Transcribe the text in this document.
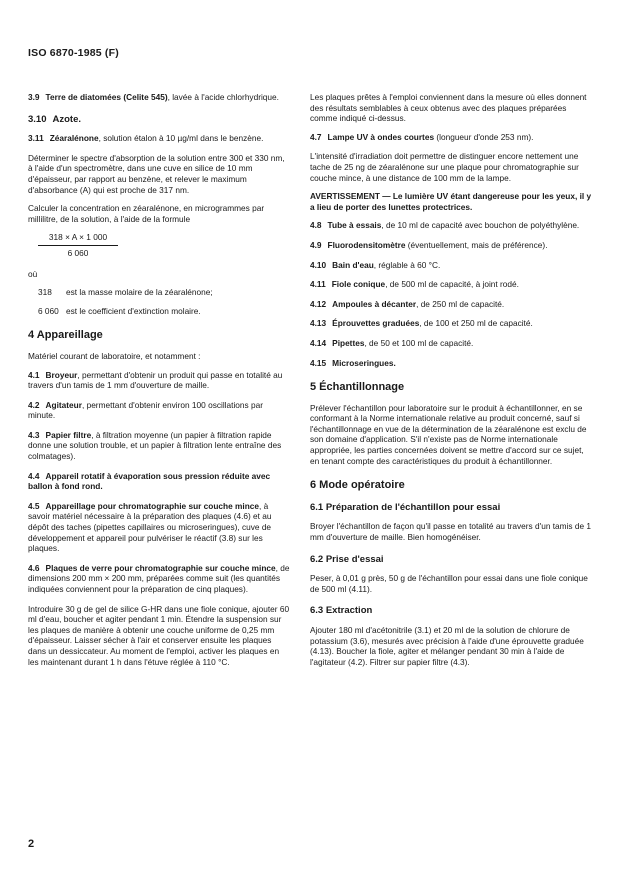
ISO 6870-1985 (F)

3.9 Terre de diatomées (Celite 545), lavée à l'acide chlorhydrique.

3.10 Azote.

3.11 Zéaralénone, solution étalon à 10 µg/ml dans le benzène.

Déterminer le spectre d'absorption de la solution entre 300 et 330 nm, à l'aide d'un spectromètre, dans une cuve en silice de 10 mm d'épaisseur, par rapport au benzène, et relever le maximum d'absorbance (A) qui est proche de 317 nm.

Calculer la concentration en zéaralénone, en microgrammes par millilitre, de la solution, à l'aide de la formule

318 × A × 1 000
6 060

où

318	est la masse molaire de la zéaralénone;
6 060 est le coefficient d'extinction molaire.
4 Appareillage

Matériel courant de laboratoire, et notamment :

4.1 Broyeur, permettant d'obtenir un produit qui passe en totalité au travers d'un tamis de 1 mm d'ouverture de maille.

4.2 Agitateur, permettant d'obtenir environ 100 oscillations par minute.

4.3 Papier filtre, à filtration moyenne (un papier à filtration rapide donne une solution trouble, et un papier à filtration lente entraîne des colmatages).

4.4 Appareil rotatif à évaporation sous pression réduite avec ballon à fond rond.

4.5 Appareillage pour chromatographie sur couche mince, à savoir matériel nécessaire à la préparation des plaques (4.6) et au dépôt des taches (pipettes capillaires ou microseringues), cuve de développement et appareil pour pulvériser le réactif (3.8) sur les plaques.

4.6 Plaques de verre pour chromatographie sur couche mince, de dimensions 200 mm × 200 mm, préparées comme suit (les quantités indiquées conviennent pour la préparation de cinq plaques).

Introduire 30 g de gel de silice G-HR dans une fiole conique, ajouter 60 ml d'eau, boucher et agiter pendant 1 min. Étendre la suspension sur les plaques de manière à obtenir une couche uniforme de 0,25 mm d'épaisseur. Laisser sécher à l'air et conserver ensuite les plaques dans un dessiccateur. Au moment de l'emploi, activer les plaques en les maintenant durant 1 h dans l'étuve réglée à 110 °C.

Les plaques prêtes à l'emploi conviennent dans la mesure où elles donnent des résultats semblables à ceux obtenus avec des plaques préparées comme indiqué ci-dessus.

4.7 Lampe UV à ondes courtes (longueur d'onde 253 nm).

L'intensité d'irradiation doit permettre de distinguer encore nettement une tache de 25 ng de zéaralénone sur une plaque pour chromatographie sur couche mince, à une distance de 100 mm de la lampe.

AVERTISSEMENT — Le lumière UV étant dangereuse pour les yeux, il y a lieu de porter des lunettes protectrices.

4.8 Tube à essais, de 10 ml de capacité avec bouchon de polyéthylène.

4.9 Fluorodensitomètre (éventuellement, mais de préférence).

4.10 Bain d'eau, réglable à 60 °C.

4.11 Fiole conique, de 500 ml de capacité, à joint rodé.

4.12 Ampoules à décanter, de 250 ml de capacité.

4.13 Éprouvettes graduées, de 100 et 250 ml de capacité.

4.14 Pipettes, de 50 et 100 ml de capacité.

4.15 Microseringues.

5 Échantillonnage

Prélever l'échantillon pour laboratoire sur le produit à échantillonner, en se conformant à la Norme internationale relative au produit concerné, sauf si l'échantillonnage en vue de la détermination de la zéaralénone est exclu de son domaine d'application. S'il n'existe pas de Norme internationale appropriée, les parties concernées doivent se mettre d'accord sur ce sujet, en tenant compte des caractéristiques du produit à échantillonner.

6 Mode opératoire
6.1 Préparation de l'échantillon pour essai

Broyer l'échantillon de façon qu'il passe en totalité au travers d'un tamis de 1 mm d'ouverture de maille. Bien homogénéiser.

6.2 Prise d'essai

Peser, à 0,01 g près, 50 g de l'échantillon pour essai dans une fiole conique de 500 ml (4.11).

6.3 Extraction

Ajouter 180 ml d'acétonitrile (3.1) et 20 ml de la solution de chlorure de potassium (3.6), mesurés avec précision à l'aide d'une éprouvette graduée (4.13). Boucher la fiole, agiter et mélanger pendant 30 min à l'aide de l'agitateur (4.2). Filtrer sur papier filtre (4.3).

2
